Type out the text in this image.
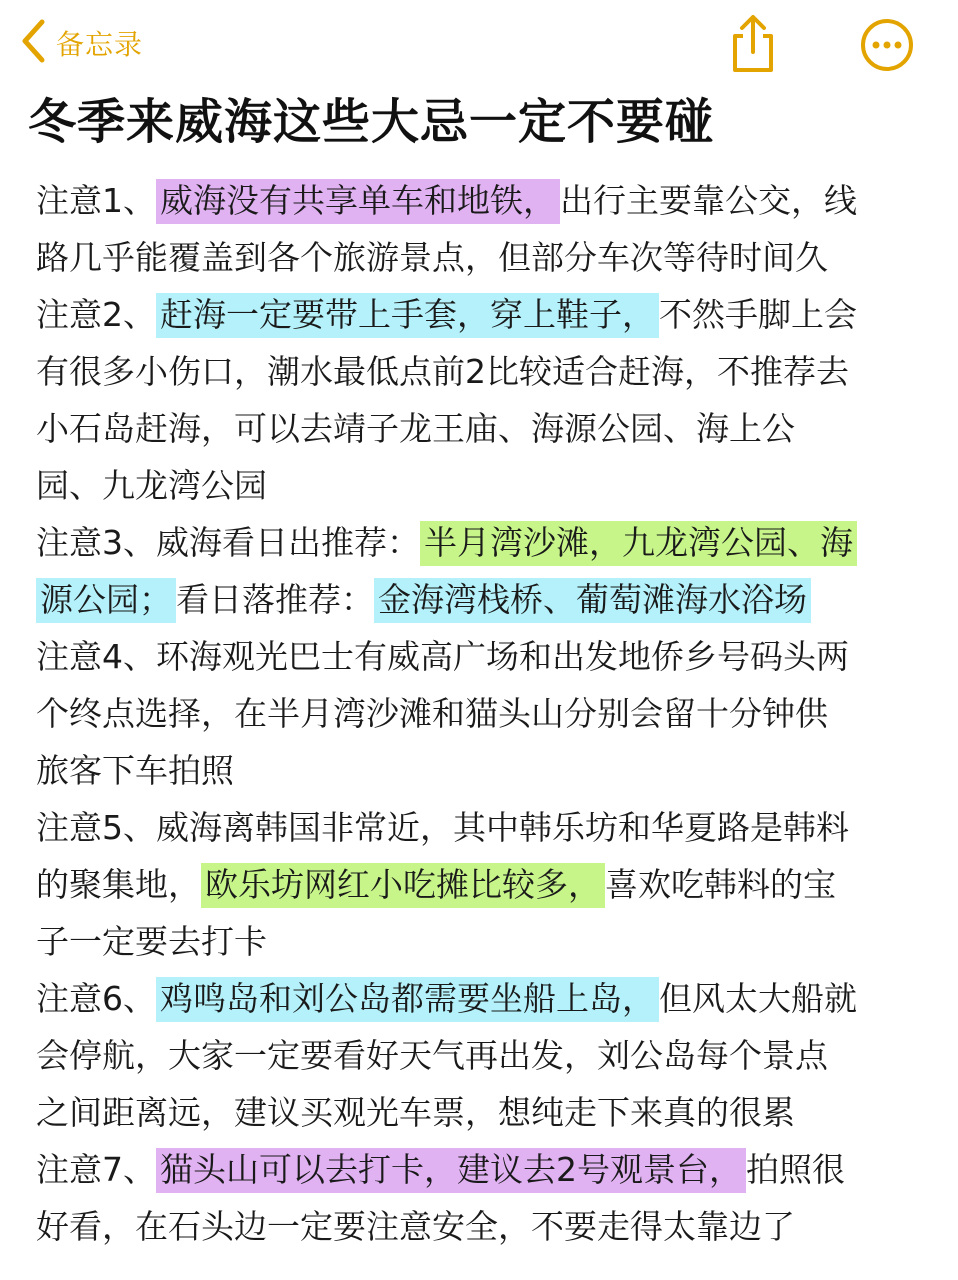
备忘录
冬季来威海这些大忌一定不要碰
注意1、 威海没有共享单车和地铁， 出行主要靠公交，线
路几乎能覆盖到各个旅游景点，但部分车次等待时间久
注意2、 赶海一定要带上手套，穿上鞋子， 不然手脚上会
有很多小伤口，潮水最低点前2比较适合赶海，不推荐去
小石岛赶海，可以去靖子龙王庙、海源公园、海上公
园、九龙湾公园
注意3、威海看日出推荐： 半月湾沙滩，九龙湾公园、海
源公园； 看日落推荐： 金海湾栈桥、葡萄滩海水浴场
注意4、环海观光巴士有威高广场和出发地侨乡号码头两
个终点选择，在半月湾沙滩和猫头山分别会留十分钟供
旅客下车拍照
注意5、威海离韩国非常近，其中韩乐坊和华夏路是韩料
的聚集地， 欧乐坊网红小吃摊比较多， 喜欢吃韩料的宝
子一定要去打卡
注意6、 鸡鸣岛和刘公岛都需要坐船上岛， 但风太大船就
会停航，大家一定要看好天气再出发，刘公岛每个景点
之间距离远，建议买观光车票，想纯走下来真的很累
注意7、 猫头山可以去打卡，建议去2号观景台， 拍照很
好看，在石头边一定要注意安全，不要走得太靠边了
